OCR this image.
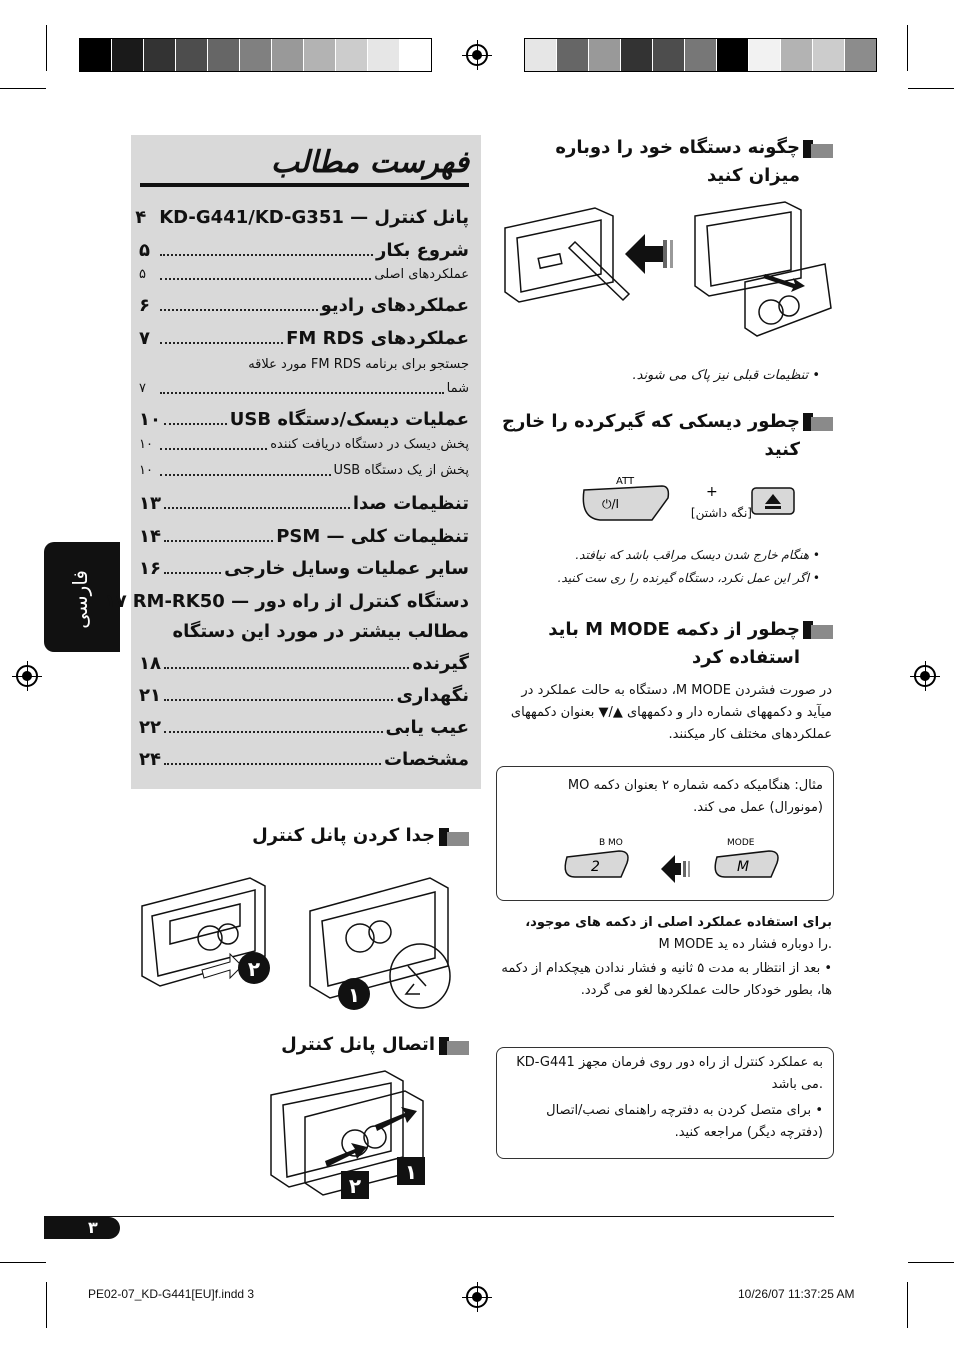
فارسی
فهرست مطالب
پانل کنترل — KD-G441/KD-G351
۴
شروع بکار
۵
عملکردهای اصلی
۵
عملکردهای رادیو
۶
عملکردهای FM RDS
۷
جستجو برای برنامه FM RDS مورد علاقه
شما
۷
عملیات دیسک/دستگاه USB
۱۰
پخش دیسک در دستگاه دریافت کننده
۱۰
پخش از یک دستگاه USB
۱۰
تنظیمات صدا
۱۳
تنظیمات کلی — PSM
۱۴
سایر عملیات وسایل خارجی
۱۶
دستگاه کنترل از راه دور — RM-RK50
۱۷
مطالب بیشتر در مورد این دستگاه
گیرنده
۱۸
نگهداری
۲۱
عیب یابی
۲۲
مشخصات
۲۴
جدا کردن پانل کنترل
۲
۱
اتصال پانل کنترل
۱
۲
چگونه دستگاه خود را دوباره میزان کنید
• تنظیمات قبلی نیز پاک می شوند.
چطور دیسکی که گیرکرده را خارج کنید
ATT
⏻/I
+
[نگه داشتن]
• هنگام خارج شدن دیسک مراقب باشد که نیافتد.
• اگر این عمل نکرد، دستگاه گیرنده را ری ست کنید.
چطور از دکمه M MODE باید استفاده کرد
در صورت فشردن M MODE، دستگاه به حالت عملکرد در میآید و دکمههای شماره دار و دکمههای ▲/▼ بعنوان دکمههای عملکردهای مختلف کار میکنند.
مثال: هنگامیکه دکمه شماره ۲ بعنوان دکمه MO (مونورال) عمل می کند.
B MO
2
MODE
M
برای استفاده عملکرد اصلی از دکمه های موجود،
M MODE را دوباره فشار ده ید.
• بعد از انتظار به مدت ۵ ثانیه و فشار ندادن هیچکدام از دکمه ها، بطور خودکار حالت عملکردها لغو می گردد.
KD-G441 به عملکرد کنترل از راه دور روی فرمان مجهز می باشد.
• برای متصل کردن به دفترچه راهنمای نصب/اتصال (دفترچه دیگر) مراجعه کنید.
۳
PE02-07_KD-G441[EU]f.indd 3	10/26/07 11:37:25 AM
